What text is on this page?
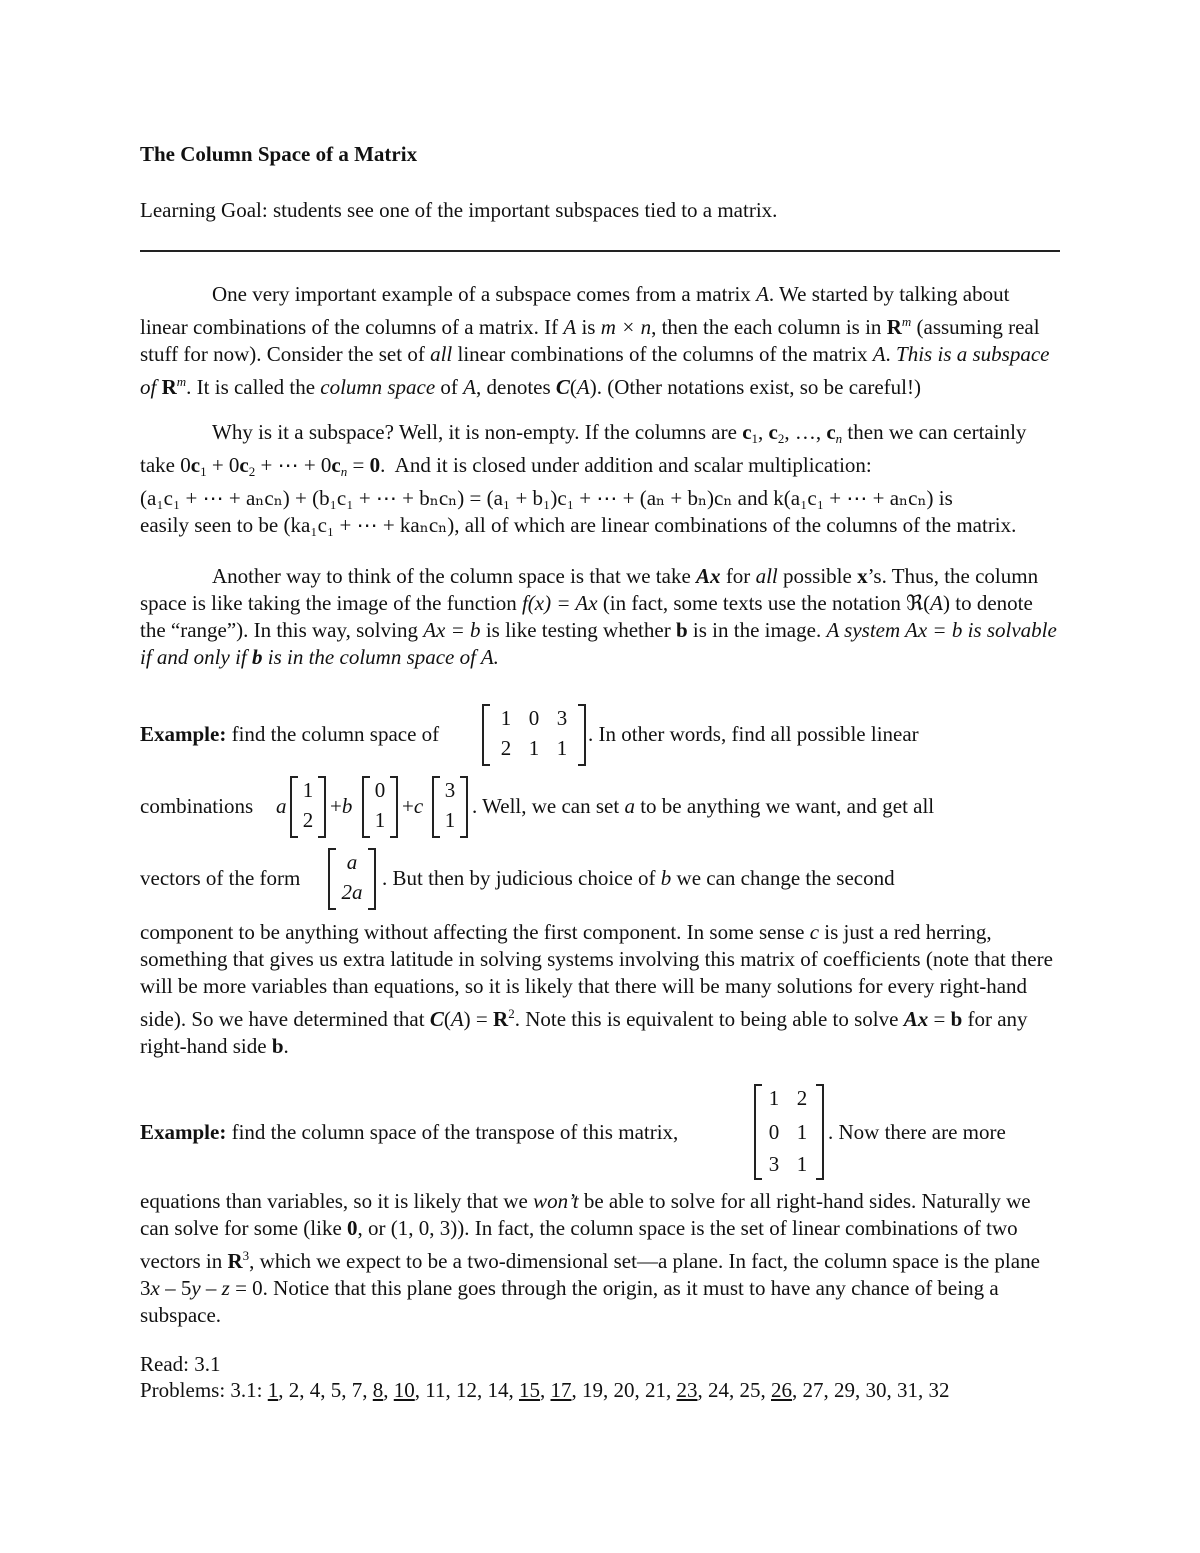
The Column Space of a Matrix
Learning Goal: students see one of the important subspaces tied to a matrix.

One very important example of a subspace comes from a matrix A. We started by talking about linear combinations of the columns of a matrix. If A is m × n, then the each column is in $R^m$ (assuming real stuff for now). Consider the set of all linear combinations of the columns of the matrix A. This is a subspace of $R^m$. It is called the column space of A, denotes C(A). (Other notations exist, so be careful!)

Why is it a subspace? Well, it is non-empty. If the columns are $c_1$, $c_2$, …, $c_n$ then we can certainly take $0c_1 + 0c_2$ + ⋯ + $0c_n = 0$.  And it is closed under addition and scalar multiplication:

(a₁c₁ + ⋯ + aₙcₙ) + (b₁c₁ + ⋯ + bₙcₙ) = (a₁ + b₁)c₁ + ⋯ + (aₙ + bₙ)cₙ and k(a₁c₁ + ⋯ + aₙcₙ) is

easily seen to be (ka₁c₁ + ⋯ + kaₙcₙ), all of which are linear combinations of the columns of the matrix.

Another way to think of the column space is that we take Ax for all possible x’s. Thus, the column space is like taking the image of the function f(x) = Ax (in fact, some texts use the notation ℜ(A) to denote the “range”). In this way, solving Ax = b is like testing whether b is in the image. A system Ax = b is solvable if and only if b is in the column space of A.

Example: find the column space of
1 0 3
2 1 1
. In other words, find all possible linear
combinations a
1
2
+b
0
1
+c
3
1
. Well, we can set a to be anything we want, and get all
vectors of the form
a
2a
. But then by judicious choice of b we can change the second

component to be anything without affecting the first component. In some sense c is just a red herring, something that gives us extra latitude in solving systems involving this matrix of coefficients (note that there will be more variables than equations, so it is likely that there will be many solutions for every right-hand side). So we have determined that $C(A) = R^2$. Note this is equivalent to being able to solve Ax = b for any right-hand side b.

Example: find the column space of the transpose of this matrix,
1 2
0 1
3 1
. Now there are more

equations than variables, so it is likely that we won’t be able to solve for all right-hand sides. Naturally we can solve for some (like 0, or (1, 0, 3)). In fact, the column space is the set of linear combinations of two vectors in $R^3$, which we expect to be a two-dimensional set—a plane. In fact, the column space is the plane 3x – 5y – z = 0. Notice that this plane goes through the origin, as it must to have any chance of being a subspace.

Read: 3.1
Problems: 3.1: 1, 2, 4, 5, 7, 8, 10, 11, 12, 14, 15, 17, 19, 20, 21, 23, 24, 25, 26, 27, 29, 30, 31, 32
